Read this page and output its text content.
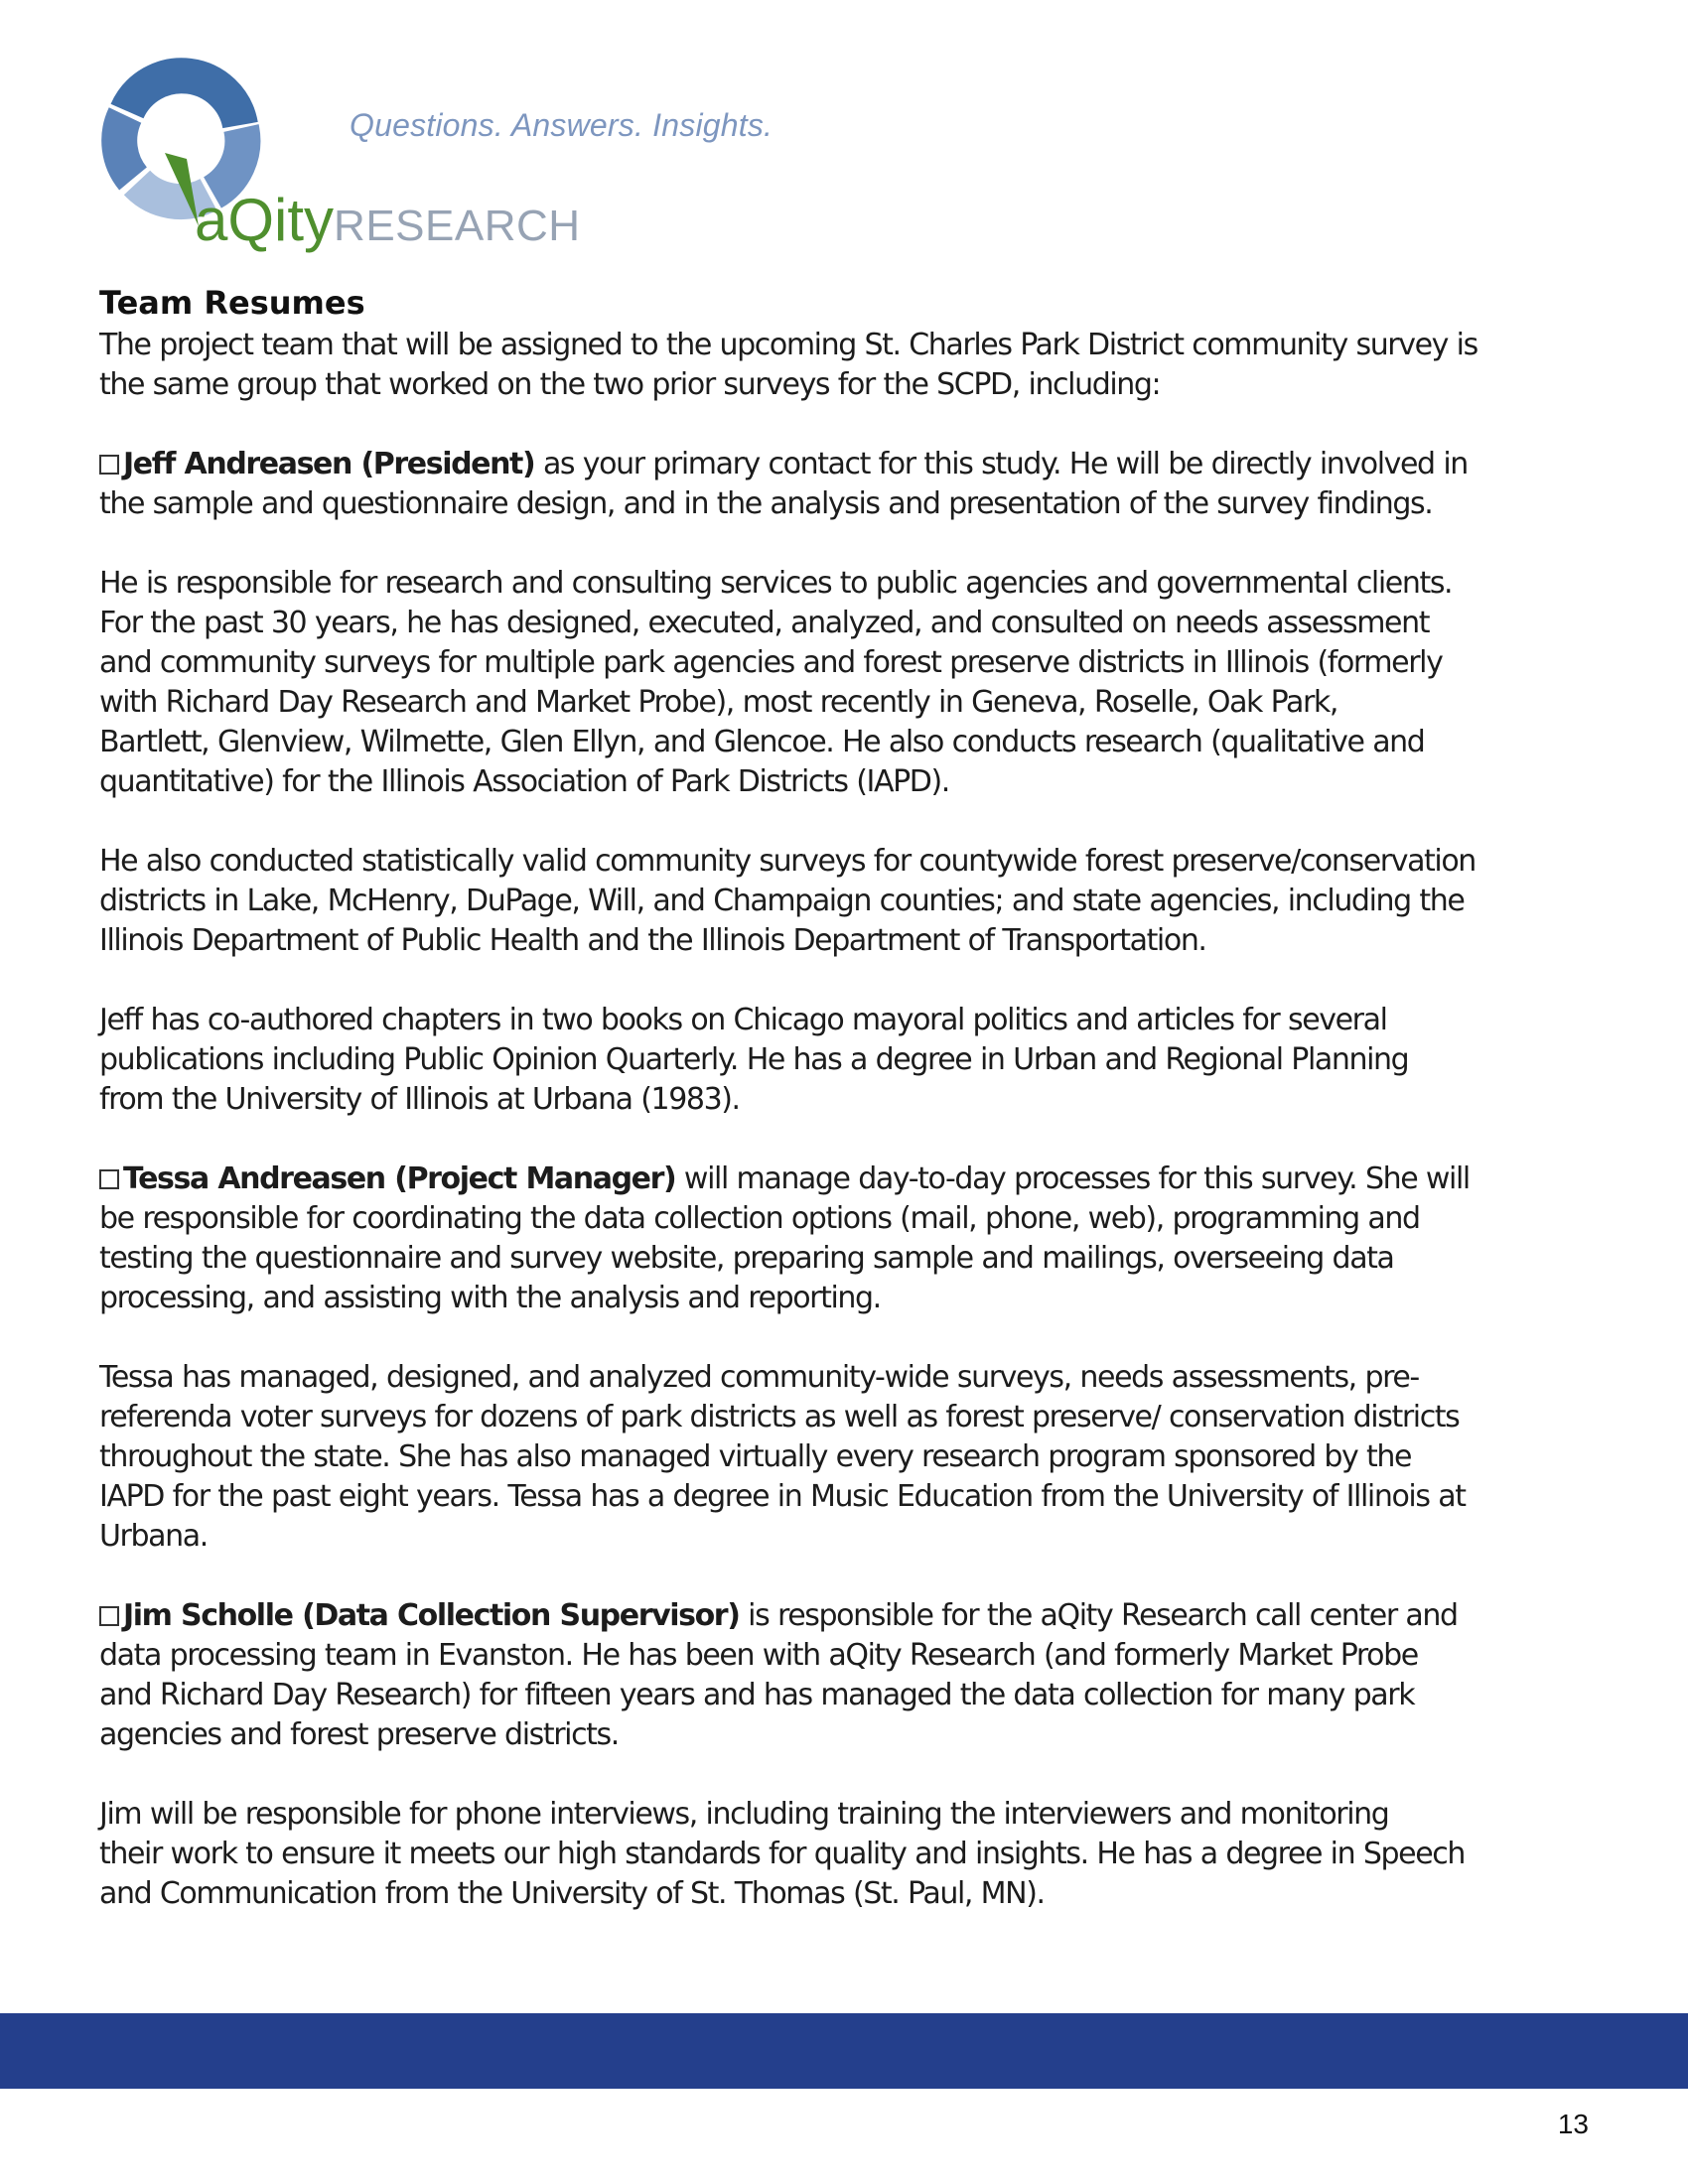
Questions. Answers. Insights.
aQityRESEARCH
Team Resumes

The project team that will be assigned to the upcoming St. Charles Park District community survey is
the same group that worked on the two prior surveys for the SCPD, including:

Jeff Andreasen (President) as your primary contact for this study. He will be directly involved in
the sample and questionnaire design, and in the analysis and presentation of the survey findings.

He is responsible for research and consulting services to public agencies and governmental clients.
For the past 30 years, he has designed, executed, analyzed, and consulted on needs assessment
and community surveys for multiple park agencies and forest preserve districts in Illinois (formerly
with Richard Day Research and Market Probe), most recently in Geneva, Roselle, Oak Park,
Bartlett, Glenview, Wilmette, Glen Ellyn, and Glencoe. He also conducts research (qualitative and
quantitative) for the Illinois Association of Park Districts (IAPD).

He also conducted statistically valid community surveys for countywide forest preserve/conservation
districts in Lake, McHenry, DuPage, Will, and Champaign counties; and state agencies, including the
Illinois Department of Public Health and the Illinois Department of Transportation.

Jeff has co-authored chapters in two books on Chicago mayoral politics and articles for several
publications including Public Opinion Quarterly. He has a degree in Urban and Regional Planning
from the University of Illinois at Urbana (1983).

Tessa Andreasen (Project Manager) will manage day-to-day processes for this survey. She will
be responsible for coordinating the data collection options (mail, phone, web), programming and
testing the questionnaire and survey website, preparing sample and mailings, overseeing data
processing, and assisting with the analysis and reporting.

Tessa has managed, designed, and analyzed community-wide surveys, needs assessments, pre-
referenda voter surveys for dozens of park districts as well as forest preserve/ conservation districts
throughout the state. She has also managed virtually every research program sponsored by the
IAPD for the past eight years. Tessa has a degree in Music Education from the University of Illinois at
Urbana.

Jim Scholle (Data Collection Supervisor) is responsible for the aQity Research call center and
data processing team in Evanston. He has been with aQity Research (and formerly Market Probe
and Richard Day Research) for fifteen years and has managed the data collection for many park
agencies and forest preserve districts.

Jim will be responsible for phone interviews, including training the interviewers and monitoring
their work to ensure it meets our high standards for quality and insights. He has a degree in Speech
and Communication from the University of St. Thomas (St. Paul, MN).

13
